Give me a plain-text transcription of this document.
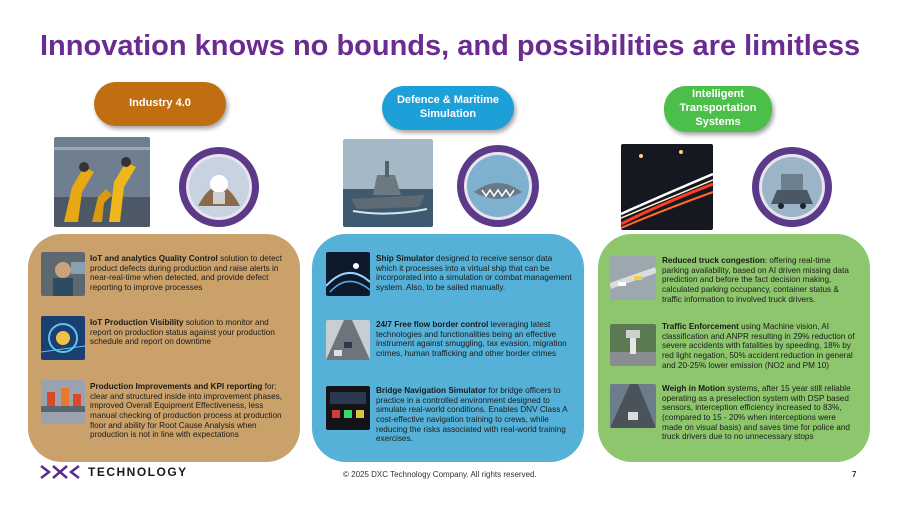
Innovation knows no bounds, and possibilities are limitless
Industry 4.0	Defence & Maritime Simulation
Intelligent Transportation Systems
IoT and analytics Quality Control solution to detect product defects during production and raise alerts in near-real-time when detected, and provide defect reporting to improve processes
IoT Production Visibility solution to monitor and report on production status against your production schedule and report on downtime
Production Improvements and KPI reporting for: clear and structured inside into improvement phases, improved Overall Equipment Effectiveness, less manual checking of production process at production floor and ability for Root Cause Analysis when production is not in line with expectations
Ship Simulator designed to receive sensor data which it processes into a virtual ship that can be incorporated into a simulation or combat management system. Also, to be sailed manually.
24/7 Free flow border control leveraging latest technologies and functionalities being an effective instrument against smuggling, tax evasion, migration crimes, human trafficking and other border crimes
Bridge Navigation Simulator for bridge officers to practice in a controlled environment designed to simulate real-world conditions. Enables DNV Class A cost-effective navigation training to crews, while reducing the risks associated with real-world training exercises.
Reduced truck congestion: offering real-time parking availability, based on AI driven missing data prediction and before the fact decision making, calculated parking occupancy, container status & traffic information to involved truck drivers.
Traffic Enforcement using Machine vision, AI classification and ANPR resulting in 29% reduction of severe accidents with fatalities by speeding, 18% by red light negation, 50% accident reduction in general and 20-25% lower emission (NO2 and PM 10)
Weigh in Motion systems, after 15 year still reliable operating as a preselection system with DSP based sensors, interception efficiency increased to 83%, (compared to 15 - 20% when interceptions were made on visual basis) and saves time for police and truck drivers due to no unnecessary stops
TECHNOLOGY	© 2025 DXC Technology Company. All rights reserved.	7
